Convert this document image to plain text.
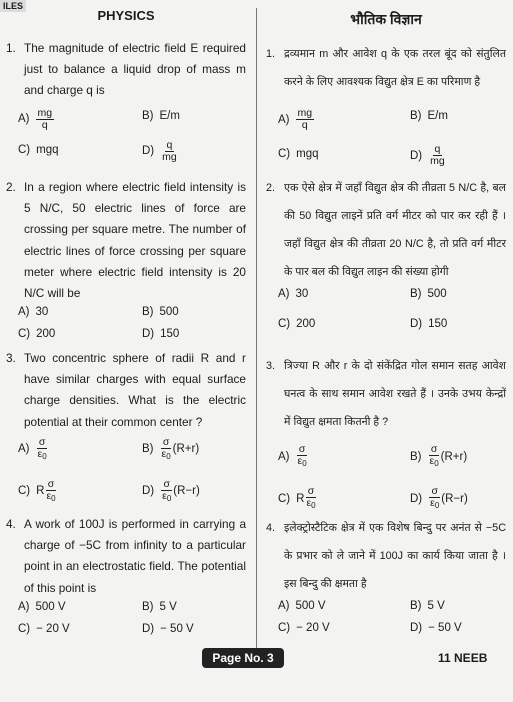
ILES
PHYSICS
1. The magnitude of electric field E required just to balance a liquid drop of mass m and charge q is
$A) \frac{mg}{q}$	B) E/m
C) mgq	$D) \frac{q}{mg}$
2. In a region where electric field intensity is 5 N/C, 50 electric lines of force are crossing per square metre. The number of electric lines of force crossing per square meter where electric field intensity is 20 N/C will be
A) 30	B) 500
C) 200	D) 150
3. Two concentric sphere of radii R and r have similar charges with equal surface charge densities. What is the electric potential at their common center ?
$A) \frac{\sigma}{\varepsilon_0}$	$B) \frac{\sigma}{\varepsilon_0} (R+r)$
C) R $\frac{\sigma}{\varepsilon_0}$	$D) \frac{\sigma}{\varepsilon_0} (R-r)$
4. A work of 100J is performed in carrying a charge of −5C from infinity to a particular point in an electrostatic field. The potential of this point is
A) 500 V	B) 5 V
C) − 20 V	D) − 50 V
भौतिक विज्ञान
1. द्रव्यमान m और आवेश q के एक तरल बूंद को संतुलित करने के लिए आवश्यक विद्युत क्षेत्र E का परिमाण है
$A) \frac{mg}{q}$	B) E/m
C) mgq	$D) \frac{q}{mg}$
2. एक ऐसे क्षेत्र में जहाँ विद्युत क्षेत्र की तीव्रता 5 N/C है, बल की 50 विद्युत लाइनें प्रति वर्ग मीटर को पार कर रही हैं । जहाँ विद्युत क्षेत्र की तीव्रता 20 N/C है, तो प्रति वर्ग मीटर के पार बल की विद्युत लाइन की संख्या होगी
A) 30	B) 500
C) 200	D) 150
3. त्रिज्या R और r के दो संकेंद्रित गोल समान सतह आवेश घनत्व के साथ समान आवेश रखते हैं । उनके उभय केन्द्रों में विद्युत क्षमता कितनी है ?
$A) \frac{\sigma}{\varepsilon_0}$	$B) \frac{\sigma}{\varepsilon_0} (R+r)$
C) R $\frac{\sigma}{\varepsilon_0}$	$D) \frac{\sigma}{\varepsilon_0} (R-r)$
4. इलेक्ट्रोस्टैटिक क्षेत्र में एक विशेष बिन्दु पर अनंत से −5C के प्रभार को ले जाने में 100J का कार्य किया जाता है । इस बिन्दु की क्षमता है
A) 500 V	B) 5 V
C) − 20 V	D) − 50 V
Page No. 3	11 NEEB
